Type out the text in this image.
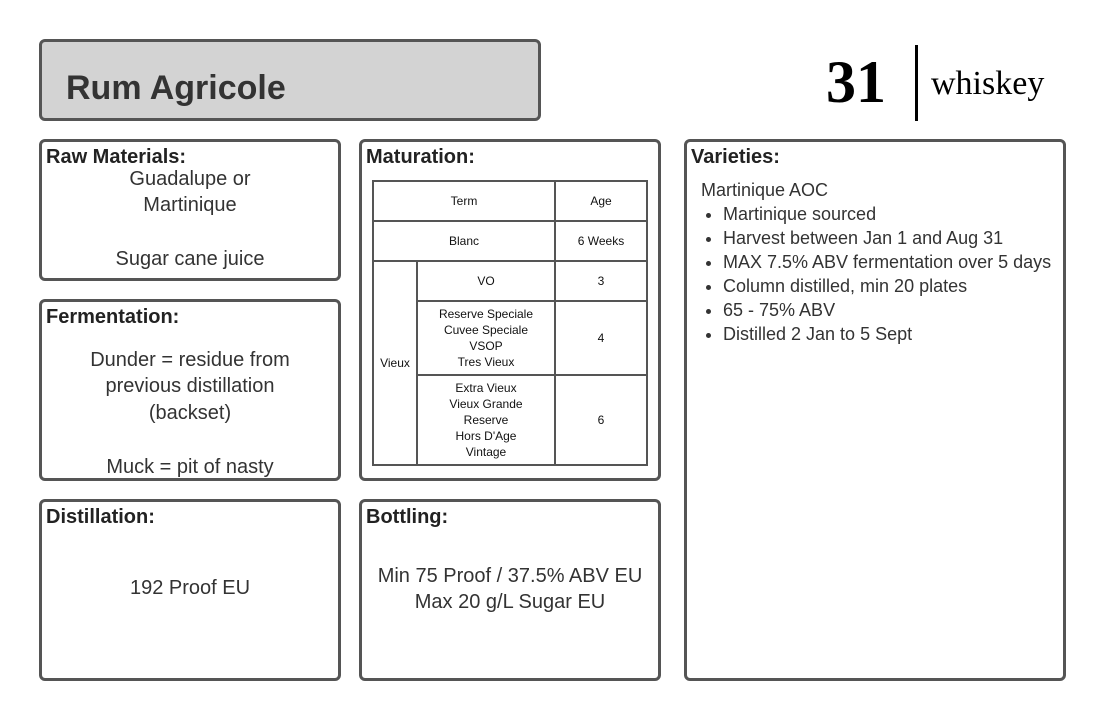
Rum Agricole	31 whiskey
Raw Materials:
Guadalupe or
Martinique
Sugar cane juice
Fermentation:
Dunder = residue from
previous distillation
(backset)
Muck = pit of nasty
Distillation:
192 Proof EU
Maturation:
Term		Age
Blanc		6 Weeks
Vieux	VO	3

	Reserve Speciale
Cuvee Speciale
VSOP
Tres Vieux	4

	Extra Vieux
Vieux Grande
Reserve
Hors D'Age
Vintage	6
Bottling:
Min 75 Proof / 37.5% ABV EU
Max 20 g/L Sugar EU
Varieties:
Martinique AOC
• Martinique sourced
• Harvest between Jan 1 and Aug 31
• MAX 7.5% ABV fermentation over 5 days
• Column distilled, min 20 plates
• 65 - 75% ABV
• Distilled 2 Jan to 5 Sept
